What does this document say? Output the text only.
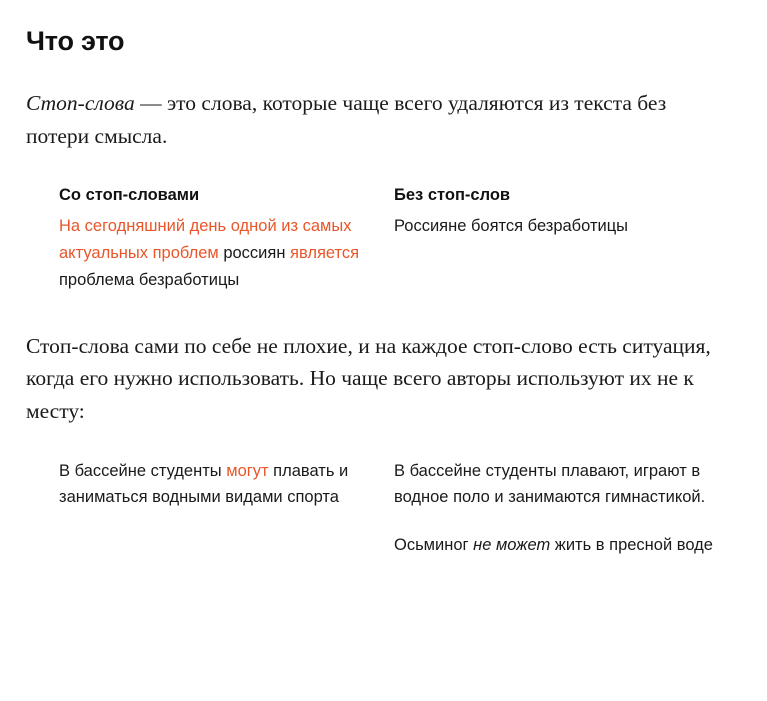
Что это

Стоп-слова — это слова, которые чаще всего удаляются из текста без потери смысла.

Со стоп-словами

На сегодняшний день одной из самых актуальных проблем россиян является проблема безработицы

Без стоп-слов

Россияне боятся безработицы

Стоп-слова сами по себе не плохие, и на каждое стоп-слово есть ситуация, когда его нужно использовать. Но чаще всего авторы используют их не к месту:

В бассейне студенты могут плавать и заниматься водными видами спорта

В бассейне студенты плавают, играют в водное поло и занимаются гимнастикой.

Осьминог не может жить в пресной воде
